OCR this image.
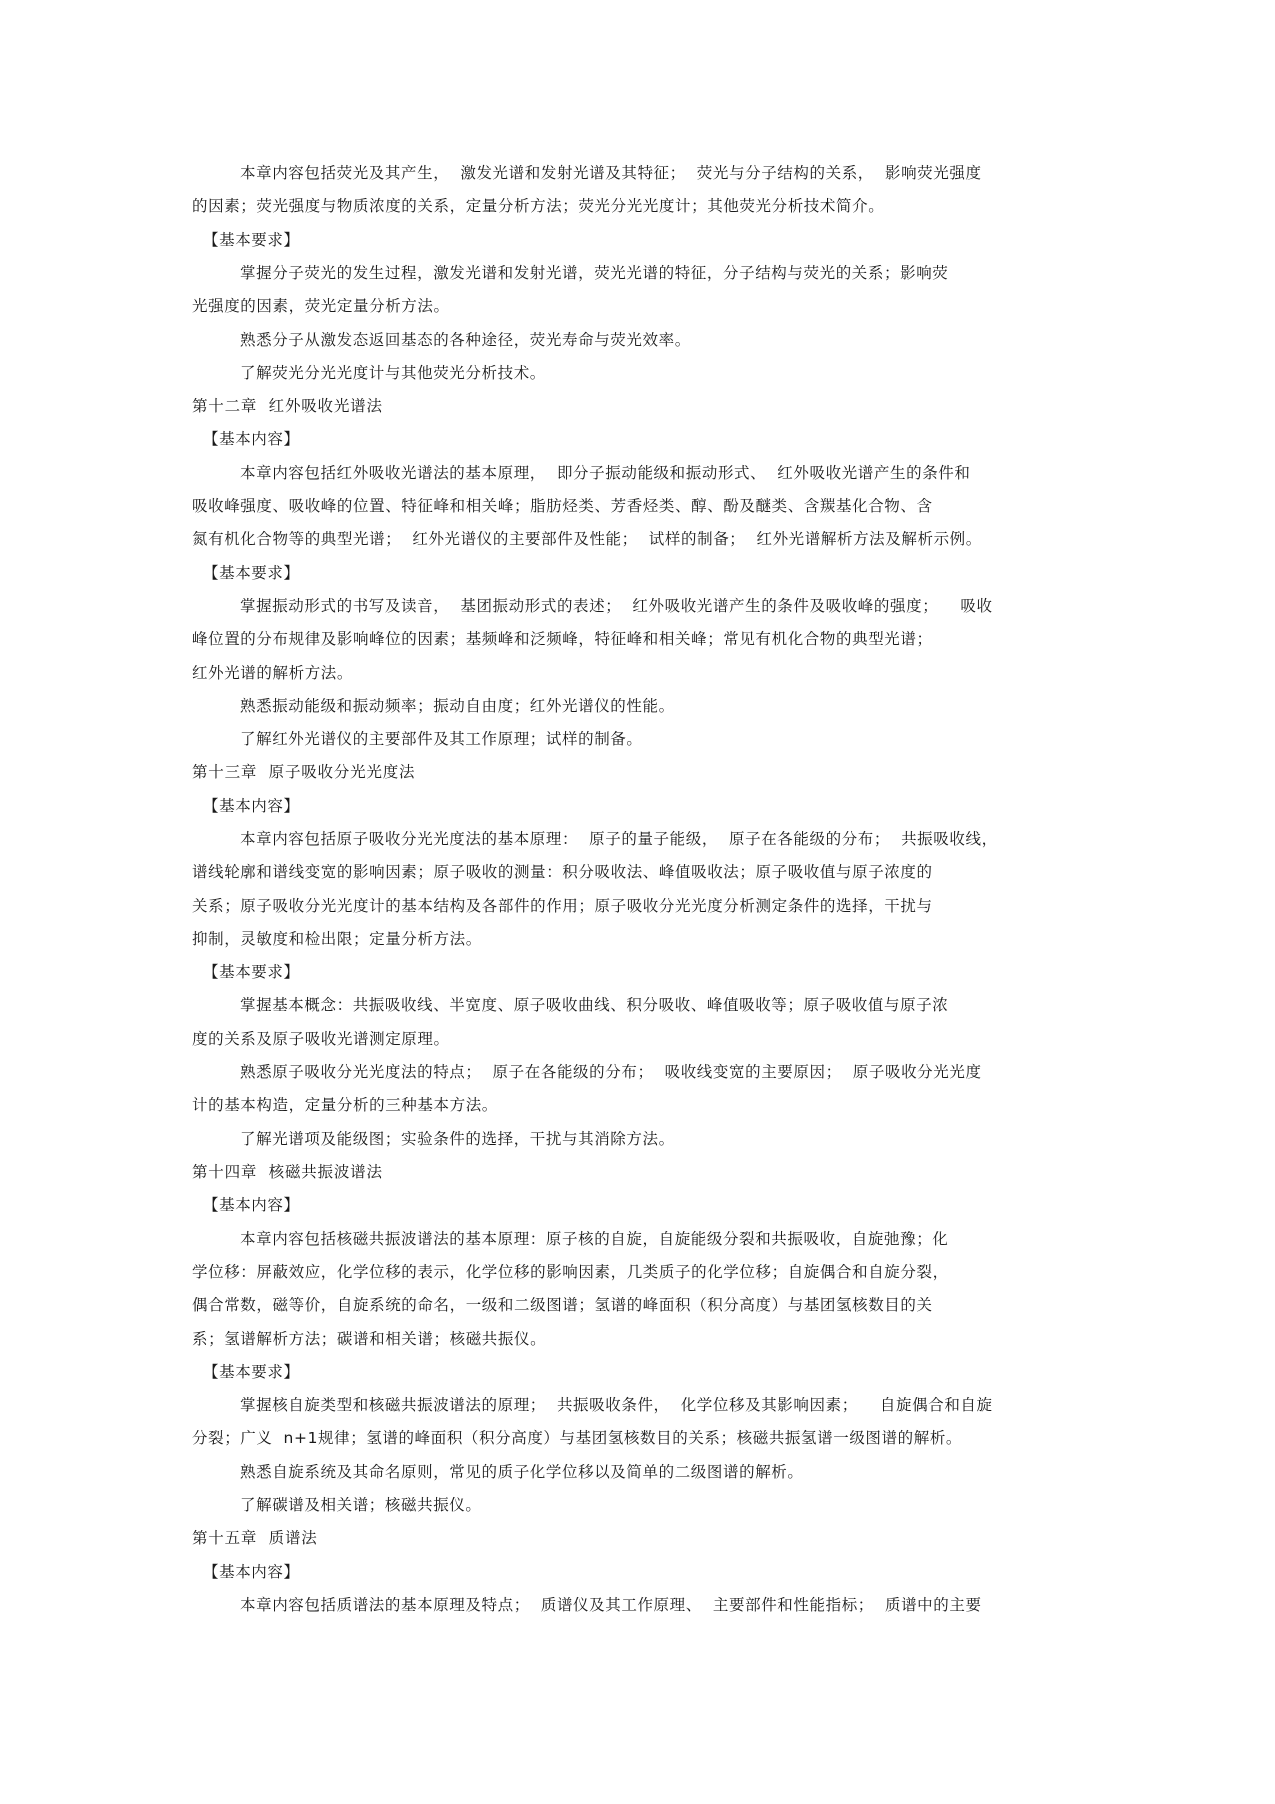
本章内容包括荧光及其产生，  激发光谱和发射光谱及其特征；  荧光与分子结构的关系，  影响荧光强度
的因素；荧光强度与物质浓度的关系，定量分析方法；荧光分光光度计；其他荧光分析技术简介。
【基本要求】
掌握分子荧光的发生过程，激发光谱和发射光谱，荧光光谱的特征，分子结构与荧光的关系；影响荧
光强度的因素，荧光定量分析方法。
熟悉分子从激发态返回基态的各种途径，荧光寿命与荧光效率。
了解荧光分光光度计与其他荧光分析技术。
第十二章  红外吸收光谱法
【基本内容】
本章内容包括红外吸收光谱法的基本原理，  即分子振动能级和振动形式、  红外吸收光谱产生的条件和
吸收峰强度、吸收峰的位置、特征峰和相关峰；脂肪烃类、芳香烃类、醇、酚及醚类、含羰基化合物、含
氮有机化合物等的典型光谱；  红外光谱仪的主要部件及性能；  试样的制备；  红外光谱解析方法及解析示例。
【基本要求】
掌握振动形式的书写及读音，  基团振动形式的表述；  红外吸收光谱产生的条件及吸收峰的强度；    吸收
峰位置的分布规律及影响峰位的因素；基频峰和泛频峰，特征峰和相关峰；常见有机化合物的典型光谱；
红外光谱的解析方法。
熟悉振动能级和振动频率；振动自由度；红外光谱仪的性能。
了解红外光谱仪的主要部件及其工作原理；试样的制备。
第十三章  原子吸收分光光度法
【基本内容】
本章内容包括原子吸收分光光度法的基本原理：  原子的量子能级，  原子在各能级的分布；  共振吸收线，
谱线轮廓和谱线变宽的影响因素；原子吸收的测量：积分吸收法、峰值吸收法；原子吸收值与原子浓度的
关系；原子吸收分光光度计的基本结构及各部件的作用；原子吸收分光光度分析测定条件的选择，干扰与
抑制，灵敏度和检出限；定量分析方法。
【基本要求】
掌握基本概念：共振吸收线、半宽度、原子吸收曲线、积分吸收、峰值吸收等；原子吸收值与原子浓
度的关系及原子吸收光谱测定原理。
熟悉原子吸收分光光度法的特点；  原子在各能级的分布；  吸收线变宽的主要原因；  原子吸收分光光度
计的基本构造，定量分析的三种基本方法。
了解光谱项及能级图；实验条件的选择，干扰与其消除方法。
第十四章  核磁共振波谱法
【基本内容】
本章内容包括核磁共振波谱法的基本原理：原子核的自旋，自旋能级分裂和共振吸收，自旋弛豫；化
学位移：屏蔽效应，化学位移的表示，化学位移的影响因素，几类质子的化学位移；自旋偶合和自旋分裂，
偶合常数，磁等价，自旋系统的命名，一级和二级图谱；氢谱的峰面积（积分高度）与基团氢核数目的关
系；氢谱解析方法；碳谱和相关谱；核磁共振仪。
【基本要求】
掌握核自旋类型和核磁共振波谱法的原理；  共振吸收条件，  化学位移及其影响因素；    自旋偶合和自旋
分裂；广义  n+1规律；氢谱的峰面积（积分高度）与基团氢核数目的关系；核磁共振氢谱一级图谱的解析。
熟悉自旋系统及其命名原则，常见的质子化学位移以及简单的二级图谱的解析。
了解碳谱及相关谱；核磁共振仪。
第十五章  质谱法
【基本内容】
本章内容包括质谱法的基本原理及特点；  质谱仪及其工作原理、  主要部件和性能指标；  质谱中的主要
